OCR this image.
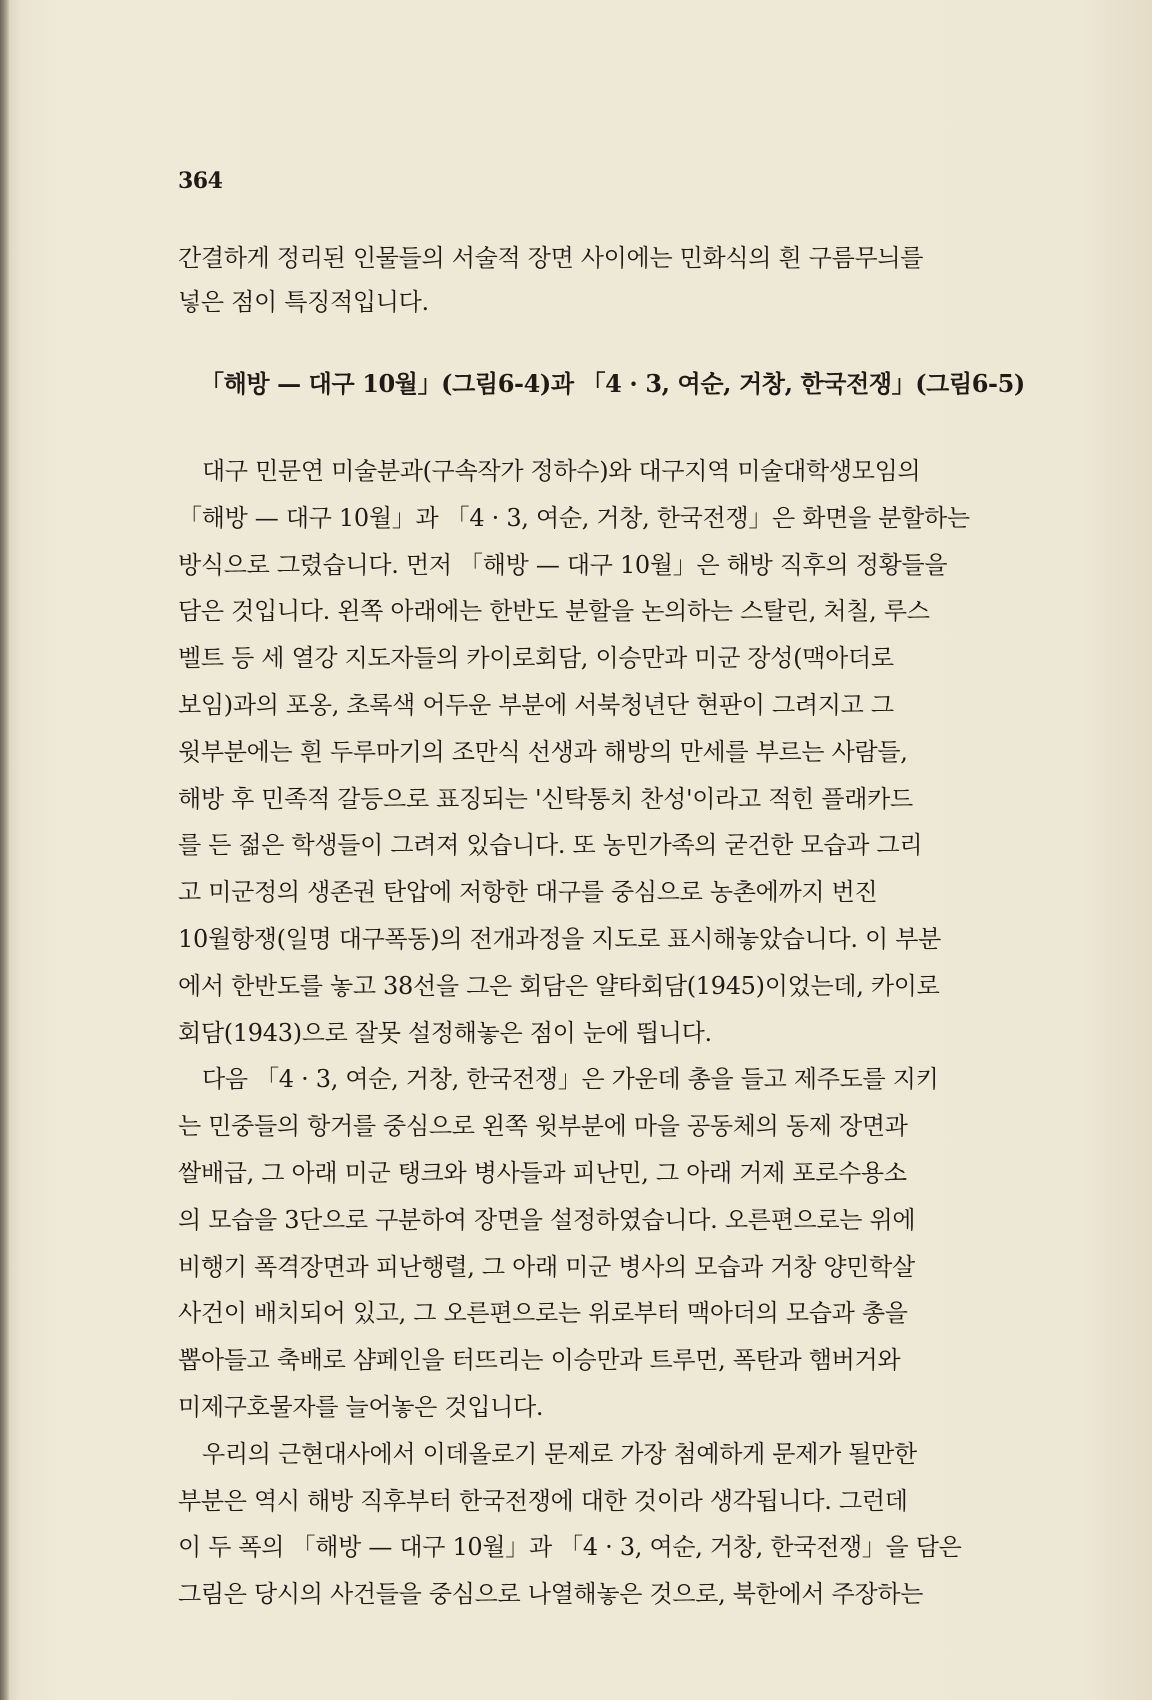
364
간결하게 정리된 인물들의 서술적 장면 사이에는 민화식의 흰 구름무늬를
넣은 점이 특징적입니다.
「해방 — 대구 10월」(그림6-4)과 「4 · 3, 여순, 거창, 한국전쟁」(그림6-5)
대구 민문연 미술분과(구속작가 정하수)와 대구지역 미술대학생모임의
「해방 — 대구 10월」과 「4 · 3, 여순, 거창, 한국전쟁」은 화면을 분할하는
방식으로 그렸습니다. 먼저 「해방 — 대구 10월」은 해방 직후의 정황들을
담은 것입니다. 왼쪽 아래에는 한반도 분할을 논의하는 스탈린, 처칠, 루스
벨트 등 세 열강 지도자들의 카이로회담, 이승만과 미군 장성(맥아더로
보임)과의 포옹, 초록색 어두운 부분에 서북청년단 현판이 그려지고 그
윗부분에는 흰 두루마기의 조만식 선생과 해방의 만세를 부르는 사람들,
해방 후 민족적 갈등으로 표징되는 '신탁통치 찬성'이라고 적힌 플래카드
를 든 젊은 학생들이 그려져 있습니다. 또 농민가족의 굳건한 모습과 그리
고 미군정의 생존권 탄압에 저항한 대구를 중심으로 농촌에까지 번진
10월항쟁(일명 대구폭동)의 전개과정을 지도로 표시해놓았습니다. 이 부분
에서 한반도를 놓고 38선을 그은 회담은 얄타회담(1945)이었는데, 카이로
회담(1943)으로 잘못 설정해놓은 점이 눈에 띕니다.
다음 「4 · 3, 여순, 거창, 한국전쟁」은 가운데 총을 들고 제주도를 지키
는 민중들의 항거를 중심으로 왼쪽 윗부분에 마을 공동체의 동제 장면과
쌀배급, 그 아래 미군 탱크와 병사들과 피난민, 그 아래 거제 포로수용소
의 모습을 3단으로 구분하여 장면을 설정하였습니다. 오른편으로는 위에
비행기 폭격장면과 피난행렬, 그 아래 미군 병사의 모습과 거창 양민학살
사건이 배치되어 있고, 그 오른편으로는 위로부터 맥아더의 모습과 총을
뽑아들고 축배로 샴페인을 터뜨리는 이승만과 트루먼, 폭탄과 햄버거와
미제구호물자를 늘어놓은 것입니다.
우리의 근현대사에서 이데올로기 문제로 가장 첨예하게 문제가 될만한
부분은 역시 해방 직후부터 한국전쟁에 대한 것이라 생각됩니다. 그런데
이 두 폭의 「해방 — 대구 10월」과 「4 · 3, 여순, 거창, 한국전쟁」을 담은
그림은 당시의 사건들을 중심으로 나열해놓은 것으로, 북한에서 주장하는
